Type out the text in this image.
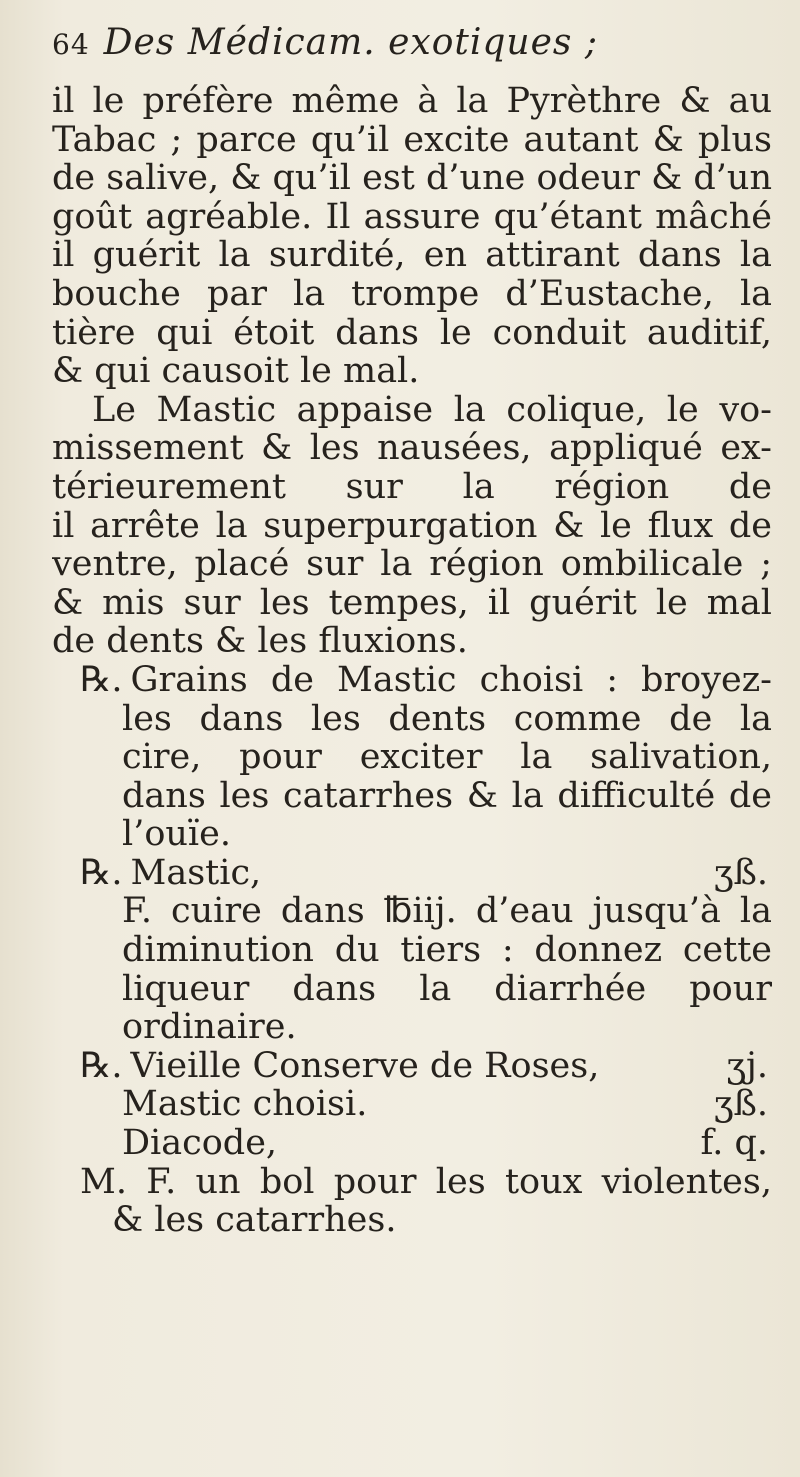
64 Des Médicam. exotiques ;
il le préfère même à la Pyrèthre & au
Tabac ; parce qu’il excite autant & plus
de salive, & qu’il est d’une odeur & d’un
goût agréable. Il assure qu’étant mâché
il guérit la surdité, en attirant dans la
bouche par la trompe d’Eustache, la
tière qui étoit dans le conduit auditif,
& qui causoit le mal.
Le Mastic appaise la colique, le vo-
missement & les nausées, appliqué ex-
térieurement sur la région de
il arrête la superpurgation & le flux de
ventre, placé sur la région ombilicale ;
& mis sur les tempes, il guérit le mal
de dents & les fluxions.
℞. Grains de Mastic choisi : broyez-
les dans les dents comme de la
cire, pour exciter la salivation,
dans les catarrhes & la difficulté de
l’ouïe.
℞. Mastic,	ʒß.
F. cuire dans ℔iij. d’eau jusqu’à la
diminution du tiers : donnez cette
liqueur dans la diarrhée pour
ordinaire.
℞. Vieille Conserve de Roses,	ʒj.
Mastic choisi.	ʒß.
Diacode,	f. q.
M. F. un bol pour les toux violentes,
& les catarrhes.
